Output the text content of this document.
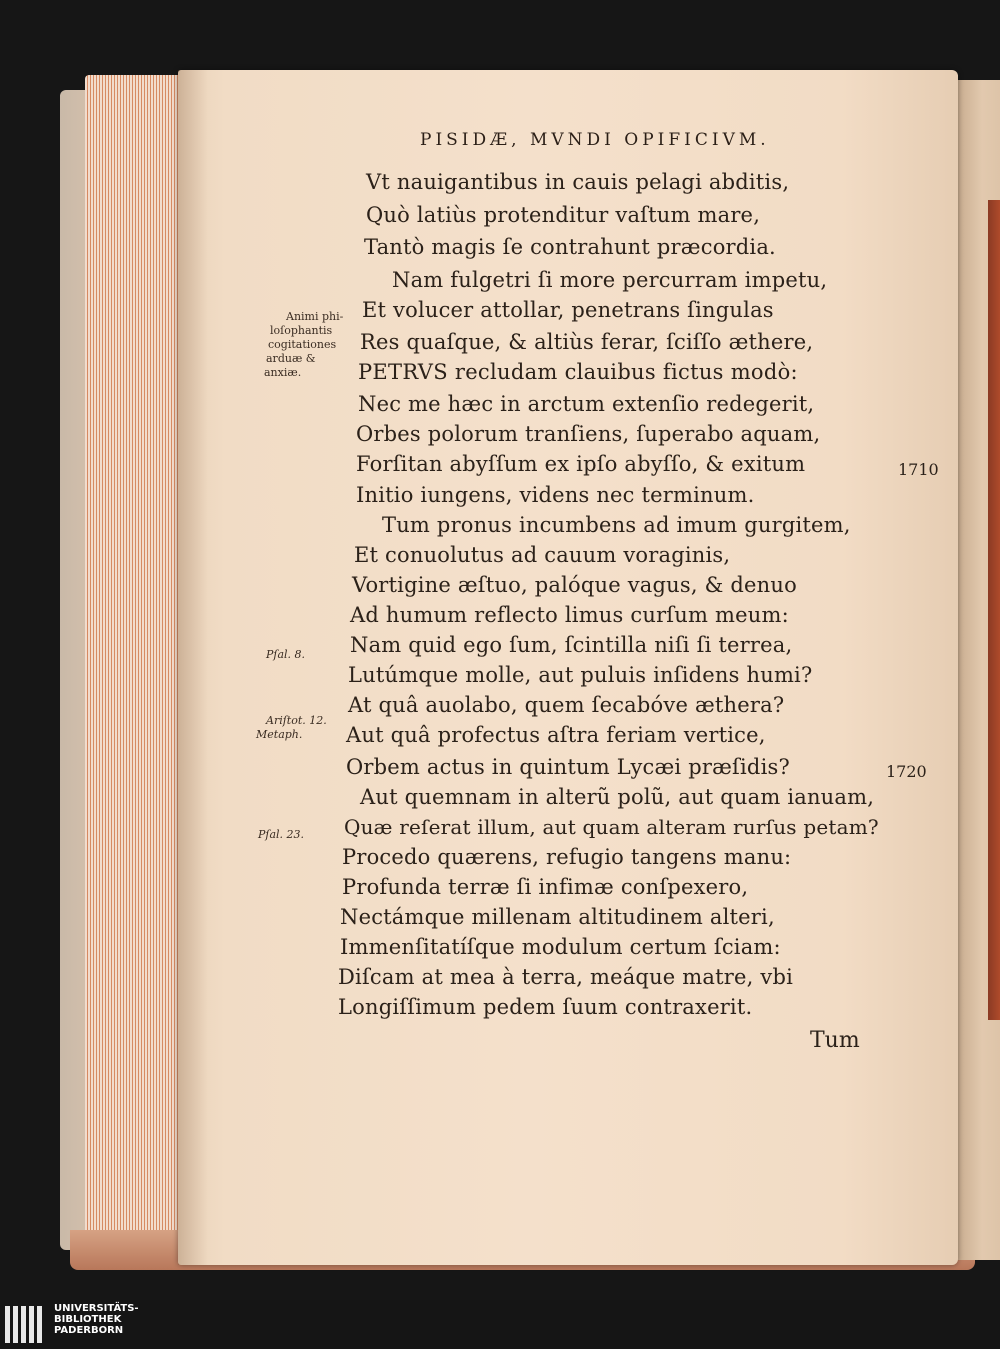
PISIDÆ, MVNDI OPIFICIVM.
Vt nauigantibus in cauis pelagi abditis,
Quò latiùs protenditur vaſtum mare,
Tantò magis ſe contrahunt præcordia.
Nam fulgetri ſi more percurram impetu,
Et volucer attollar, penetrans ſingulas
Res quaſque, & altiùs ferar, ſciſſo æthere,
PETRVS recludam clauibus fictus modò:
Nec me hæc in arctum extenſio redegerit,
Orbes polorum tranſiens, ſuperabo aquam,
Forſitan abyſſum ex ipſo abyſſo, & exitum
Initio iungens, videns nec terminum.
Tum pronus incumbens ad imum gurgitem,
Et conuolutus ad cauum voraginis,
Vortigine æſtuo, palóque vagus, & denuo
Ad humum reflecto limus curſum meum:
Nam quid ego ſum, ſcintilla niſi ſi terrea,
Lutúmque molle, aut puluis inſidens humi?
At quâ auolabo, quem ſecabóve æthera?
Aut quâ profectus aſtra feriam vertice,
Orbem actus in quintum Lycæi præſidis?
Aut quemnam in alterũ polũ, aut quam ianuam,
Quæ reſerat illum, aut quam alteram rurſus petam?
Procedo quærens, refugio tangens manu:
Profunda terræ ſi infimæ conſpexero,
Nectámque millenam altitudinem alteri,
Immenſitatíſque modulum certum ſciam:
Diſcam at mea à terra, meáque matre, vbi
Longiſſimum pedem ſuum contraxerit.
Animi phi-
loſophantis
cogitationes
arduæ &
anxiæ.
Pſal. 8.
Ariſtot. 12.
Metaph.
Pſal. 23.
1710
1720
Tum
UNIVERSITÄTS-
BIBLIOTHEK
PADERBORN
